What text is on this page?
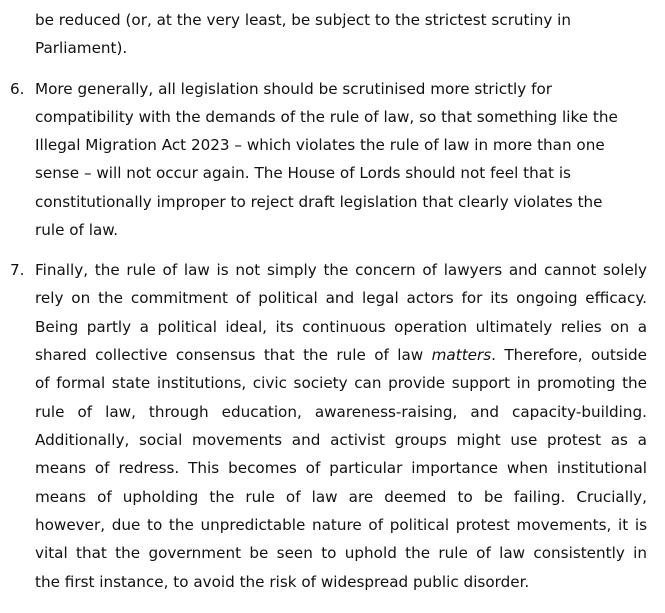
be reduced (or, at the very least, be subject to the strictest scrutiny in
Parliament).
6. More generally, all legislation should be scrutinised more strictly for
compatibility with the demands of the rule of law, so that something like the
Illegal Migration Act 2023 – which violates the rule of law in more than one
sense – will not occur again. The House of Lords should not feel that is
constitutionally improper to reject draft legislation that clearly violates the
rule of law.
7. Finally, the rule of law is not simply the concern of lawyers and cannot solely
rely on the commitment of political and legal actors for its ongoing efficacy.
Being partly a political ideal, its continuous operation ultimately relies on a
shared collective consensus that the rule of law matters. Therefore, outside
of formal state institutions, civic society can provide support in promoting the
rule of law, through education, awareness-raising, and capacity-building.
Additionally, social movements and activist groups might use protest as a
means of redress. This becomes of particular importance when institutional
means of upholding the rule of law are deemed to be failing. Crucially,
however, due to the unpredictable nature of political protest movements, it is
vital that the government be seen to uphold the rule of law consistently in
the first instance, to avoid the risk of widespread public disorder.
